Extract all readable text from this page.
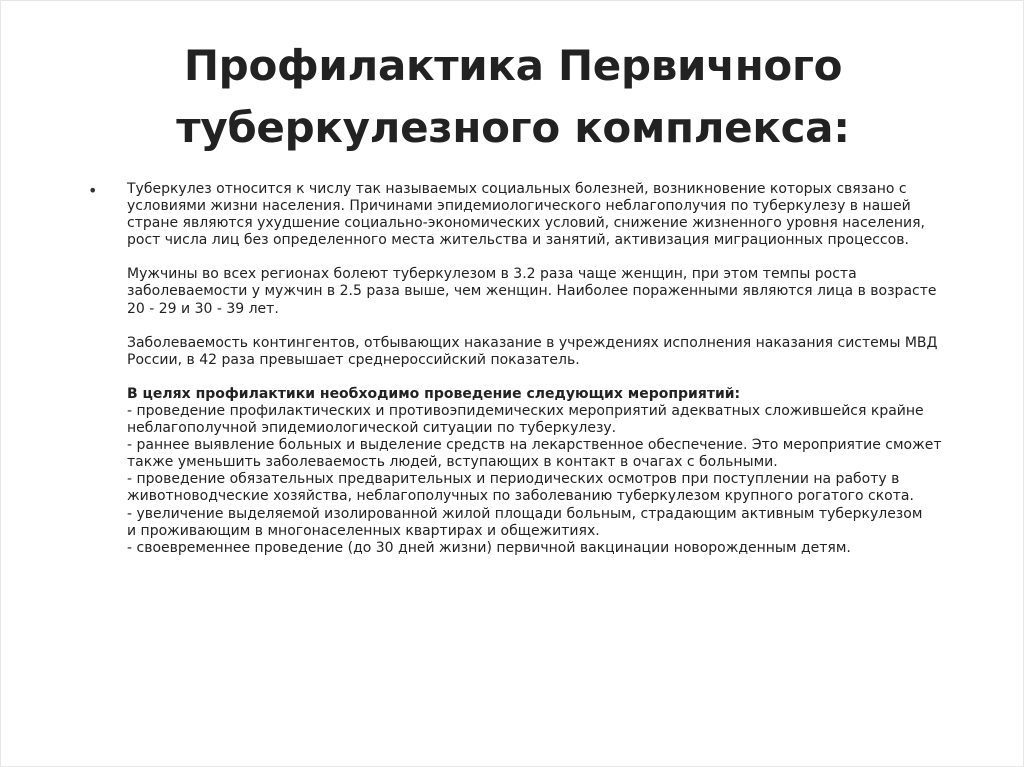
Профилактика Первичного
туберкулезного комплекса:
• Туберкулез относится к числу так называемых социальных болезней, возникновение которых связано с
условиями жизни населения. Причинами эпидемиологического неблагополучия по туберкулезу в нашей
стране являются ухудшение социально-экономических условий, снижение жизненного уровня населения,
рост числа лиц без определенного места жительства и занятий, активизация миграционных процессов.

Мужчины во всех регионах болеют туберкулезом в 3.2 раза чаще женщин, при этом темпы роста
заболеваемости у мужчин в 2.5 раза выше, чем женщин. Наиболее пораженными являются лица в возрасте
20 - 29 и 30 - 39 лет.

Заболеваемость контингентов, отбывающих наказание в учреждениях исполнения наказания системы МВД
России, в 42 раза превышает среднероссийский показатель.

В целях профилактики необходимо проведение следующих мероприятий:
- проведение профилактических и противоэпидемических мероприятий адекватных сложившейся крайне
неблагополучной эпидемиологической ситуации по туберкулезу.
- раннее выявление больных и выделение средств на лекарственное обеспечение. Это мероприятие сможет
также уменьшить заболеваемость людей, вступающих в контакт в очагах с больными.
- проведение обязательных предварительных и периодических осмотров при поступлении на работу в
животноводческие хозяйства, неблагополучных по заболеванию туберкулезом крупного рогатого скота.
- увеличение выделяемой изолированной жилой площади больным, страдающим активным туберкулезом
и проживающим в многонаселенных квартирах и общежитиях.
- своевременнее проведение (до 30 дней жизни) первичной вакцинации новорожденным детям.
